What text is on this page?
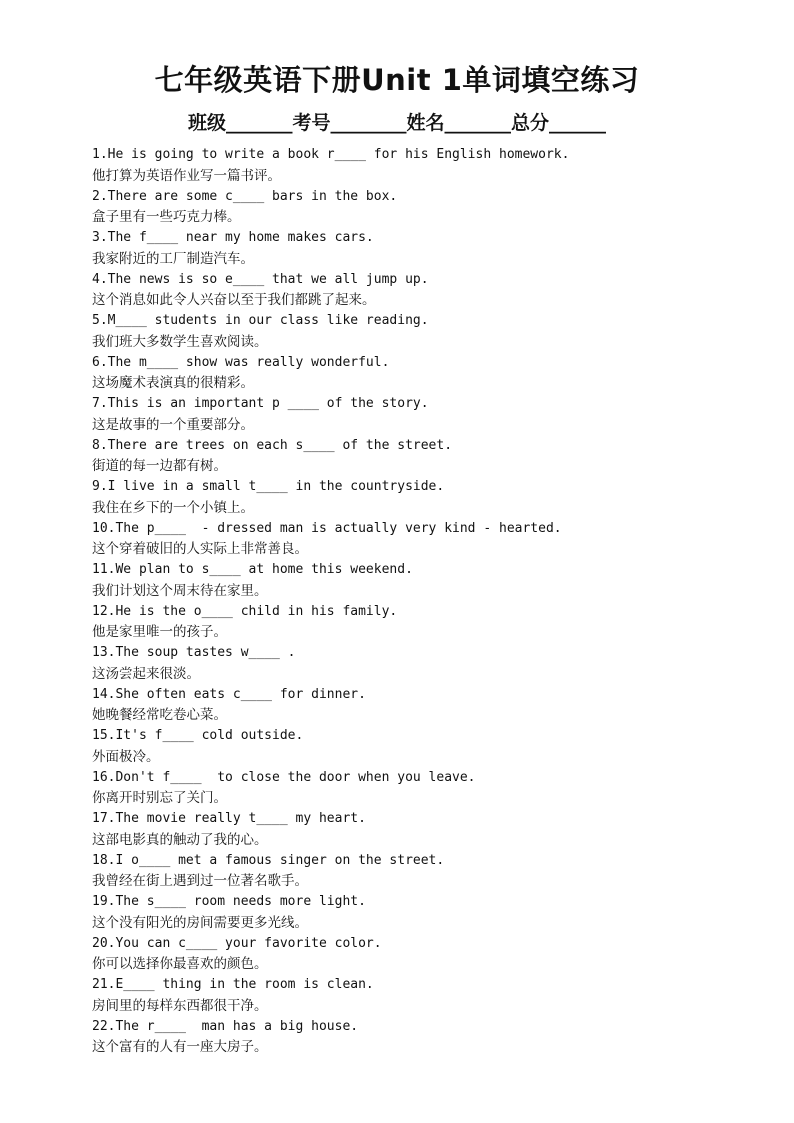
七年级英语下册Unit 1单词填空练习
班级_______考号________姓名_______总分______
1.He is going to write a book r____ for his English homework.
他打算为英语作业写一篇书评。
2.There are some c____ bars in the box.
盒子里有一些巧克力棒。
3.The f____ near my home makes cars.
我家附近的工厂制造汽车。
4.The news is so e____ that we all jump up.
这个消息如此令人兴奋以至于我们都跳了起来。
5.M____ students in our class like reading.
我们班大多数学生喜欢阅读。
6.The m____ show was really wonderful.
这场魔术表演真的很精彩。
7.This is an important p ____ of the story.
这是故事的一个重要部分。
8.There are trees on each s____ of the street.
街道的每一边都有树。
9.I live in a small t____ in the countryside.
我住在乡下的一个小镇上。
10.The p____  - dressed man is actually very kind - hearted.
这个穿着破旧的人实际上非常善良。
11.We plan to s____ at home this weekend.
我们计划这个周末待在家里。
12.He is the o____ child in his family.
他是家里唯一的孩子。
13.The soup tastes w____ .
这汤尝起来很淡。
14.She often eats c____ for dinner.
她晚餐经常吃卷心菜。
15.It's f____ cold outside.
外面极冷。
16.Don't f____  to close the door when you leave.
你离开时别忘了关门。
17.The movie really t____ my heart.
这部电影真的触动了我的心。
18.I o____ met a famous singer on the street.
我曾经在街上遇到过一位著名歌手。
19.The s____ room needs more light.
这个没有阳光的房间需要更多光线。
20.You can c____ your favorite color.
你可以选择你最喜欢的颜色。
21.E____ thing in the room is clean.
房间里的每样东西都很干净。
22.The r____  man has a big house.
这个富有的人有一座大房子。
